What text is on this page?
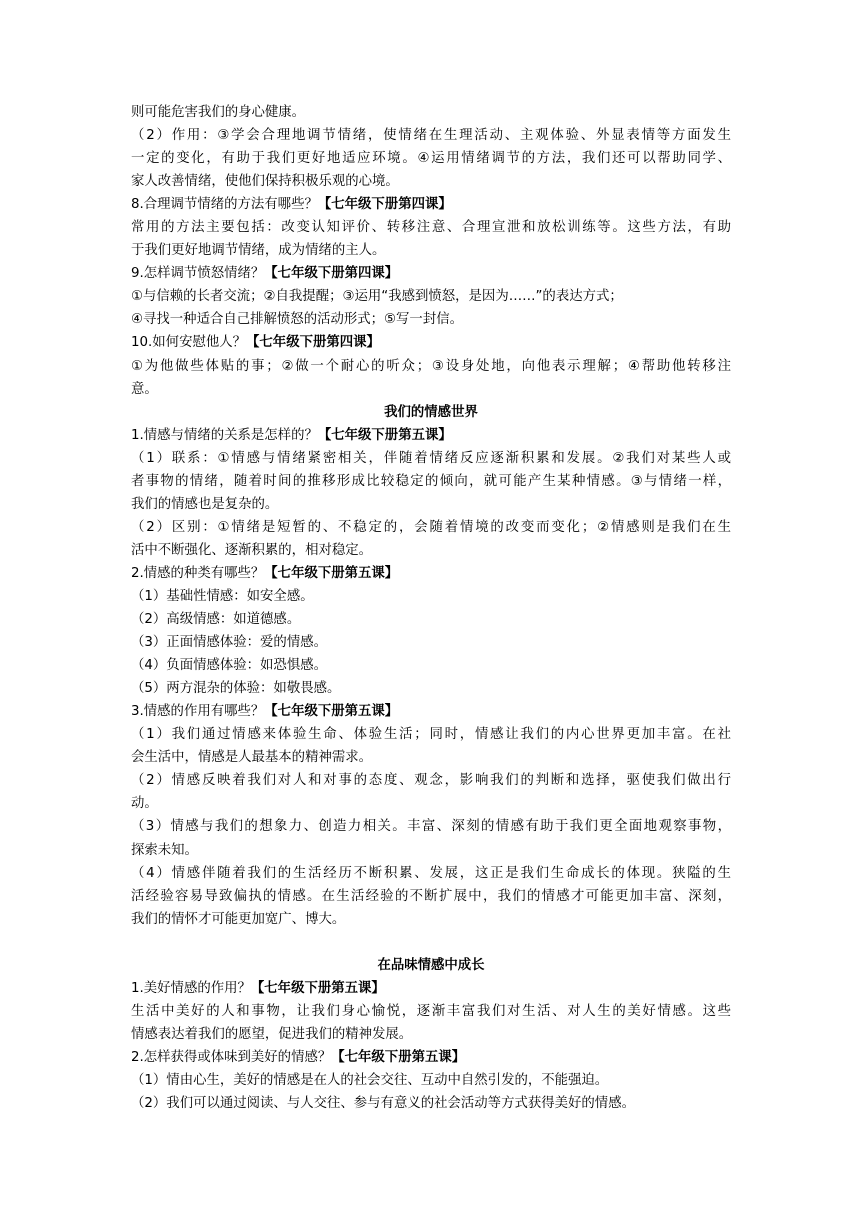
则可能危害我们的身心健康。
（2）作用：③学会合理地调节情绪，使情绪在生理活动、主观体验、外显表情等方面发生
一定的变化，有助于我们更好地适应环境。④运用情绪调节的方法，我们还可以帮助同学、
家人改善情绪，使他们保持积极乐观的心境。
8.合理调节情绪的方法有哪些？【七年级下册第四课】
常用的方法主要包括：改变认知评价、转移注意、合理宣泄和放松训练等。这些方法，有助
于我们更好地调节情绪，成为情绪的主人。
9.怎样调节愤怒情绪？【七年级下册第四课】
①与信赖的长者交流；②自我提醒；③运用“我感到愤怒，是因为……”的表达方式；
④寻找一种适合自己排解愤怒的活动形式；⑤写一封信。
10.如何安慰他人？【七年级下册第四课】
①为他做些体贴的事；②做一个耐心的听众；③设身处地，向他表示理解；④帮助他转移注
意。
我们的情感世界
1.情感与情绪的关系是怎样的？【七年级下册第五课】
（1）联系：①情感与情绪紧密相关，伴随着情绪反应逐渐积累和发展。②我们对某些人或
者事物的情绪，随着时间的推移形成比较稳定的倾向，就可能产生某种情感。③与情绪一样，
我们的情感也是复杂的。
（2）区别：①情绪是短暂的、不稳定的，会随着情境的改变而变化；②情感则是我们在生
活中不断强化、逐渐积累的，相对稳定。
2.情感的种类有哪些？【七年级下册第五课】
（1）基础性情感：如安全感。
（2）高级情感：如道德感。
（3）正面情感体验：爱的情感。
（4）负面情感体验：如恐惧感。
（5）两方混杂的体验：如敬畏感。
3.情感的作用有哪些？【七年级下册第五课】
（1）我们通过情感来体验生命、体验生活；同时，情感让我们的内心世界更加丰富。在社
会生活中，情感是人最基本的精神需求。
（2）情感反映着我们对人和对事的态度、观念，影响我们的判断和选择，驱使我们做出行
动。
（3）情感与我们的想象力、创造力相关。丰富、深刻的情感有助于我们更全面地观察事物，
探索未知。
（4）情感伴随着我们的生活经历不断积累、发展，这正是我们生命成长的体现。狭隘的生
活经验容易导致偏执的情感。在生活经验的不断扩展中，我们的情感才可能更加丰富、深刻，
我们的情怀才可能更加宽广、博大。
在品味情感中成长
1.美好情感的作用？【七年级下册第五课】
生活中美好的人和事物，让我们身心愉悦，逐渐丰富我们对生活、对人生的美好情感。这些
情感表达着我们的愿望，促进我们的精神发展。
2.怎样获得或体味到美好的情感？【七年级下册第五课】
（1）情由心生，美好的情感是在人的社会交往、互动中自然引发的，不能强迫。
（2）我们可以通过阅读、与人交往、参与有意义的社会活动等方式获得美好的情感。
